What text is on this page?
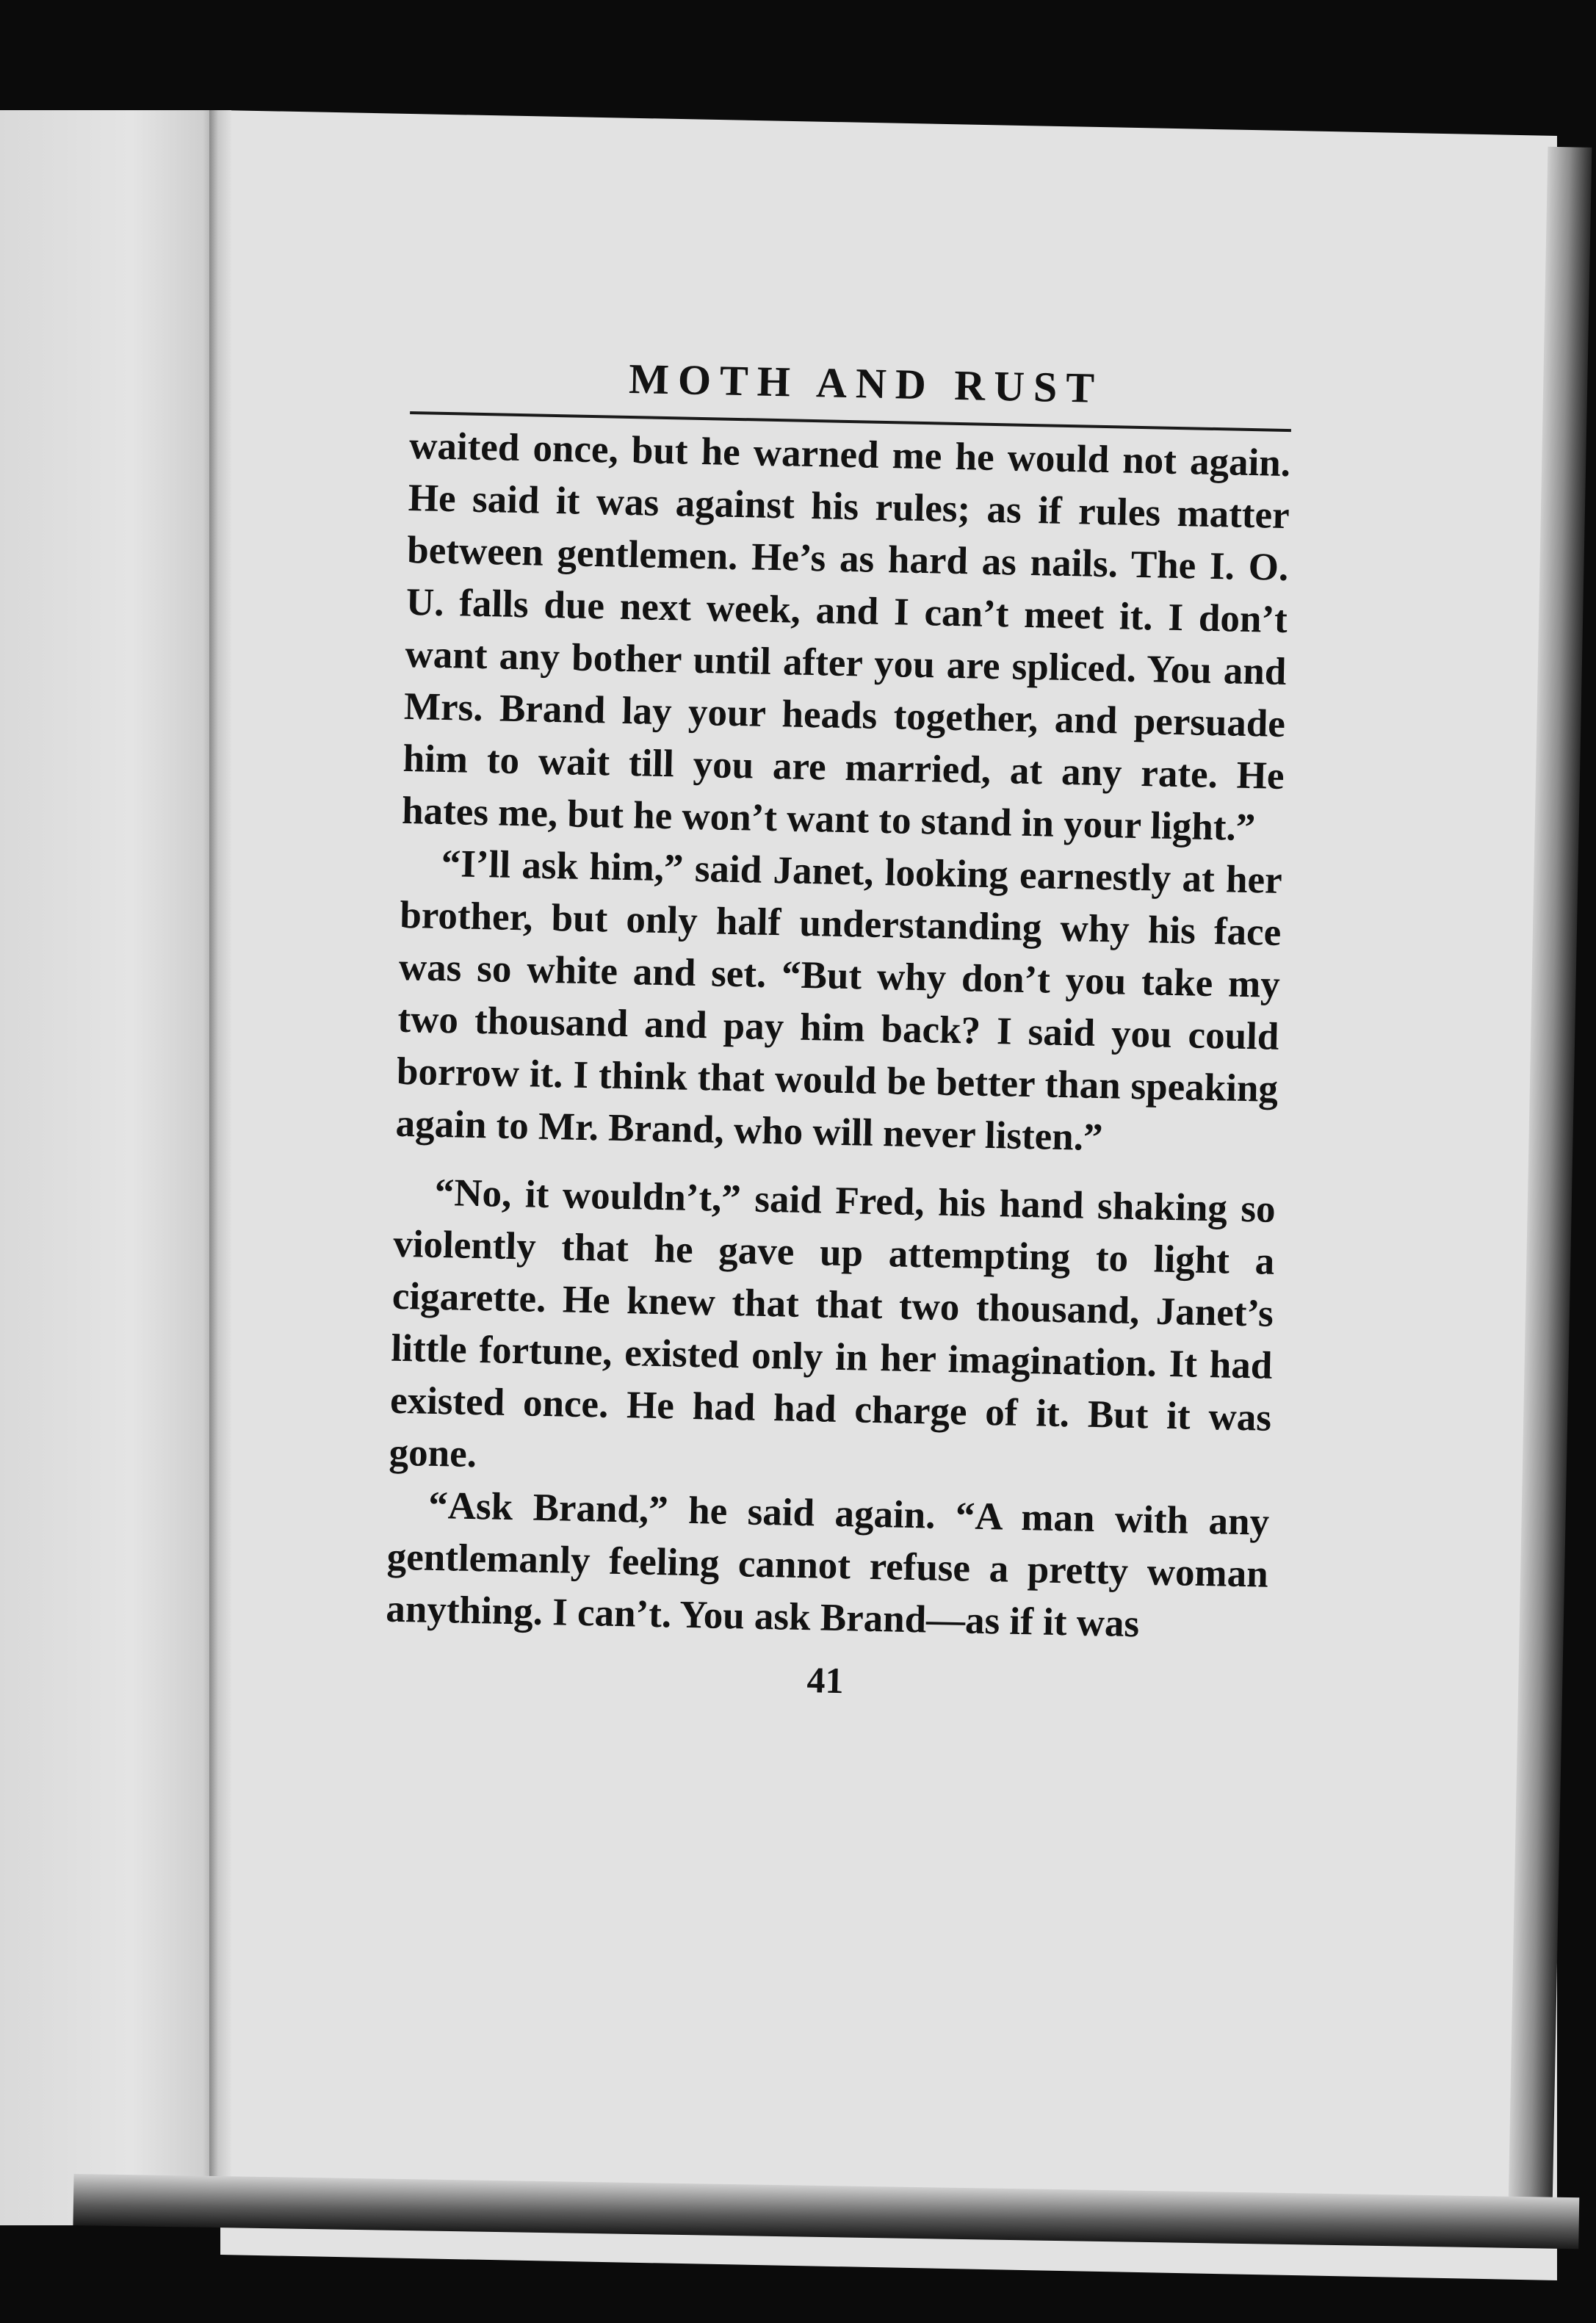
MOTH AND RUST

waited once, but he warned me he would not again. He said it was against his rules; as if rules matter between gentlemen. He’s as hard as nails. The I. O. U. falls due next week, and I can’t meet it. I don’t want any bother until after you are spliced. You and Mrs. Brand lay your heads together, and persuade him to wait till you are married, at any rate. He hates me, but he won’t want to stand in your light.”

“I’ll ask him,” said Janet, looking earnestly at her brother, but only half understanding why his face was so white and set. “But why don’t you take my two thousand and pay him back? I said you could borrow it. I think that would be better than speaking again to Mr. Brand, who will never listen.”

“No, it wouldn’t,” said Fred, his hand shaking so violently that he gave up attempting to light a cigarette. He knew that that two thousand, Janet’s little fortune, existed only in her imagination. It had existed once. He had had charge of it. But it was gone.

“Ask Brand,” he said again. “A man with any gentlemanly feeling cannot refuse a pretty woman anything. I can’t. You ask Brand—as if it was

41
